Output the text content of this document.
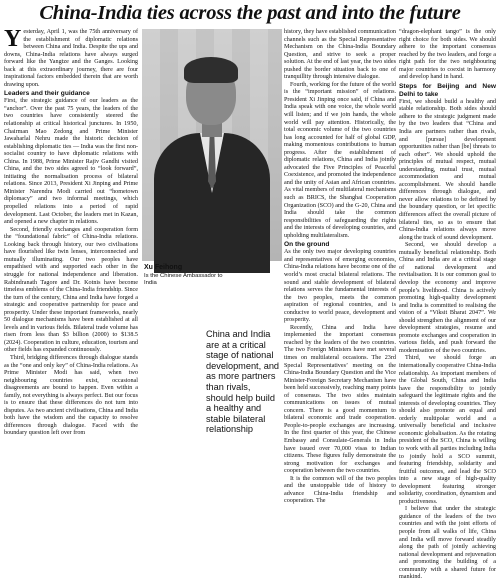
China-India ties across the past and into the future

Yesterday, April 1, was the 75th anniversary of the establishment of diplomatic relations between China and India. Despite the ups and downs, China-India relations have always surged forward like the Yangtze and the Ganges. Looking back at this extraordinary journey, there are four inspirational factors embedded therein that are worth drawing upon.

Leaders and their guidance

First, the strategic guidance of our leaders as the “anchor”. Over the past 75 years, the leaders of the two countries have consistently steered the relationship at critical historical junctures. In 1950, Chairman Mao Zedong and Prime Minister Jawaharlal Nehru made the historic decision of establishing diplomatic ties — India was the first non-socialist country to have diplomatic relations with China. In 1988, Prime Minister Rajiv Gandhi visited China, and the two sides agreed to “look forward”, initiating the normalisation process of bilateral relations. Since 2013, President Xi Jinping and Prime Minister Narendra Modi carried out “hometown diplomacy” and two informal meetings, which propelled relations into a period of rapid development. Last October, the leaders met in Kazan, and opened a new chapter in relations.

Second, friendly exchanges and cooperation form the “foundational fabric” of China-India relations. Looking back through history, our two civilisations have flourished like twin lenses, interconnected and mutually illuminating. Our two peoples have empathised with and supported each other in the struggle for national independence and liberation. Rabindranath Tagore and Dr. Kotnis have become timeless emblems of the China-India friendship. Since the turn of the century, China and India have forged a strategic and cooperative partnership for peace and prosperity. Under these important frameworks, nearly 50 dialogue mechanisms have been established at all levels and in various fields. Bilateral trade volume has risen from less than $3 billion (2000) to $138.5 (2024). Cooperation in culture, education, tourism and other fields has expanded continuously.

Third, bridging differences through dialogue stands as the “one and only key” of China-India relations. As Prime Minister Modi has said, when two neighbouring countries exist, occasional disagreements are bound to happen. Even within a family, not everything is always perfect. But our focus is to ensure that these differences do not turn into disputes. As two ancient civilisations, China and India both have the wisdom and the capacity to resolve differences through dialogue. Faced with the boundary question left over from

Xu Feihong
Is the Chinese Ambassador to India

China and India are at a critical stage of national development, and as more partners than rivals, should help build a healthy and stable bilateral relationship

history, they have established communication channels such as the Special Representative Mechanism on the China-India Boundary Question, and strive to seek a proper solution. At the end of last year, the two sides pushed the border situation back to one of tranquillity through intensive dialogue.

Fourth, working for the future of the world is the “important mission” of relations. President Xi Jinping once said, if China and India speak with one voice, the whole world will listen; and if we join hands, the whole world will pay attention. Historically, the total economic volume of the two countries has long accounted for half of global GDP, making momentous contributions to human progress. After the establishment of diplomatic relations, China and India jointly advocated the Five Principles of Peaceful Coexistence, and promoted the independence and the unity of Asian and African countries. As vital members of multilateral mechanisms such as BRICS, the Shanghai Cooperation Organization (SCO) and the G-20, China and India should take the common responsibilities of safeguarding the rights and the interests of developing countries, and upholding multilateralism.

On the ground

As the only two major developing countries and representatives of emerging economies, China-India relations have become one of the world’s most crucial bilateral relations. The sound and stable development of bilateral relations serves the fundamental interests of the two peoples, meets the common aspiration of regional countries, and is conducive to world peace, development and prosperity.

Recently, China and India have implemented the important consensus reached by the leaders of the two countries. The two Foreign Ministers have met several times on multilateral occasions. The 23rd Special Representatives’ meeting on the China-India Boundary Question and the Vice Minister-Foreign Secretary Mechanism have been held successively, reaching many points of consensus. The two sides maintain communications on issues of mutual concern. There is a good momentum to bilateral economic and trade cooperation. People-to-people exchanges are increasing. In the first quarter of this year, the Chinese Embassy and Consulate-Generals in India have issued over 70,000 visas to Indian citizens. These figures fully demonstrate the strong motivation for exchanges and cooperation between the two countries.

It is the common will of the two peoples and the unstoppable tide of history to advance China-India friendship and cooperation. The

“dragon-elephant tango” is the only right choice for both sides. We should adhere to the important consensus reached by the two leaders, and forge a right path for the two neighbouring major countries to coexist in harmony and develop hand in hand.

Steps for Beijing and New Delhi to take

First, we should build a healthy and stable relationship. Both sides should adhere to the strategic judgment made by the two leaders that “China and India are partners rather than rivals, and [pursue] development opportunities rather than [be] threats to each other”. We should uphold the principles of mutual respect, mutual understanding, mutual trust, mutual accommodation and mutual accomplishment. We should handle differences through dialogue, and never allow relations to be defined by the boundary question, or let specific differences affect the overall picture of bilateral ties, so as to ensure that China-India relations always move along the track of sound development.

Second, we should develop a mutually beneficial relationship. Both China and India are at a critical stage of national development and revitalisation. It is our common goal to develop the economy and improve people’s livelihood. China is actively promoting high-quality development and India is committed to realising the vision of a “Viksit Bharat 2047”. We should strengthen the alignment of our development strategies, resume and promote exchanges and cooperation in various fields, and push forward the modernisation of the two countries.

Third, we should forge an internationally cooperative China-India relationship. As important members of the Global South, China and India have the responsibility to jointly safeguard the legitimate rights and the interests of developing countries. They should also promote an equal and orderly multipolar world and a universally beneficial and inclusive economic globalisation. As the rotating president of the SCO, China is willing to work with all parties including India to jointly hold a SCO summit, featuring friendship, solidarity and fruitful outcomes, and lead the SCO into a new stage of high-quality development featuring stronger solidarity, coordination, dynamism and productiveness.

I believe that under the strategic guidance of the leaders of the two countries and with the joint efforts of people from all walks of life, China and India will move forward steadily along the path of jointly achieving national development and rejuvenation and promoting the building of a community with a shared future for mankind.
